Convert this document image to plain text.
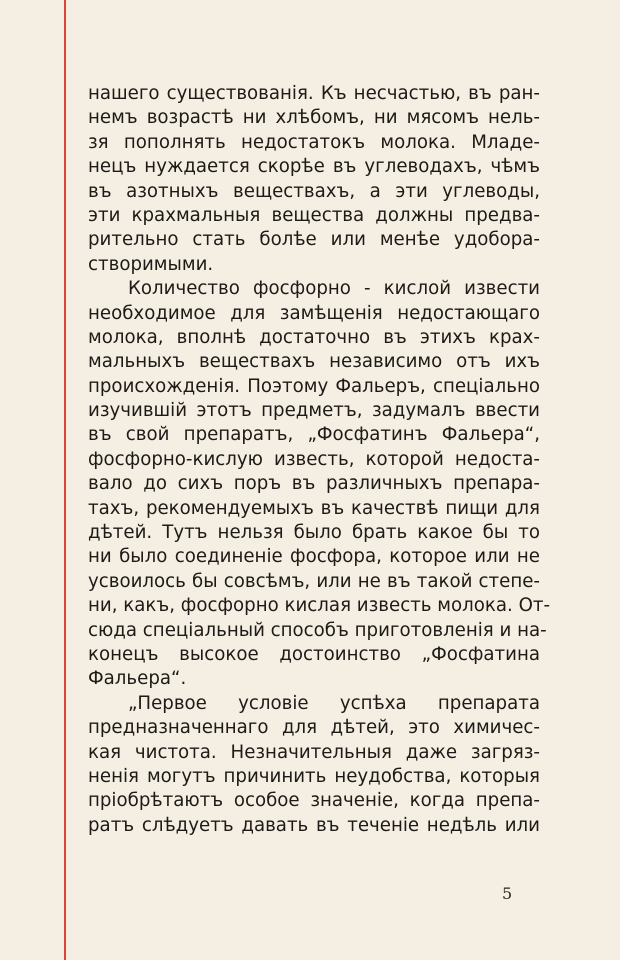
нашего существованія. Къ несчастью, въ ран-
немъ возрастѣ ни хлѣбомъ, ни мясомъ нель-
зя пополнять недостатокъ молока. Младе-
нецъ нуждается скорѣе въ углеводахъ, чѣмъ
въ азотныхъ веществахъ, а эти углеводы,
эти крахмальныя вещества должны предва-
рительно стать болѣе или менѣе удобора-
створимыми.
Количество фосфорно - кислой извести
необходимое для замѣщенія недостающаго
молока, вполнѣ достаточно въ этихъ крах-
мальныхъ веществахъ независимо отъ ихъ
происхожденія. Поэтому Фальеръ, спеціально
изучившій этотъ предметъ, задумалъ ввести
въ свой препаратъ, „Фосфатинъ Фальера“,
фосфорно-кислую известь, которой недоста-
вало до сихъ поръ въ различныхъ препара-
тахъ, рекомендуемыхъ въ качествѣ пищи для
дѣтей. Тутъ нельзя было брать какое бы то
ни было соединеніе фосфора, которое или не
усвоилось бы совсѣмъ, или не въ такой степе-
ни, какъ, фосфорно кислая известь молока. От-
сюда спеціальный способъ приготовленія и на-
конецъ высокое достоинство „Фосфатина
Фальера“.
„Первое условіе успѣха препарата
предназначеннаго для дѣтей, это химичес-
кая чистота. Незначительныя даже загряз-
ненія могутъ причинить неудобства, которыя
пріобрѣтаютъ особое значеніе, когда препа-
ратъ слѣдуетъ давать въ теченіе недѣль или
5
